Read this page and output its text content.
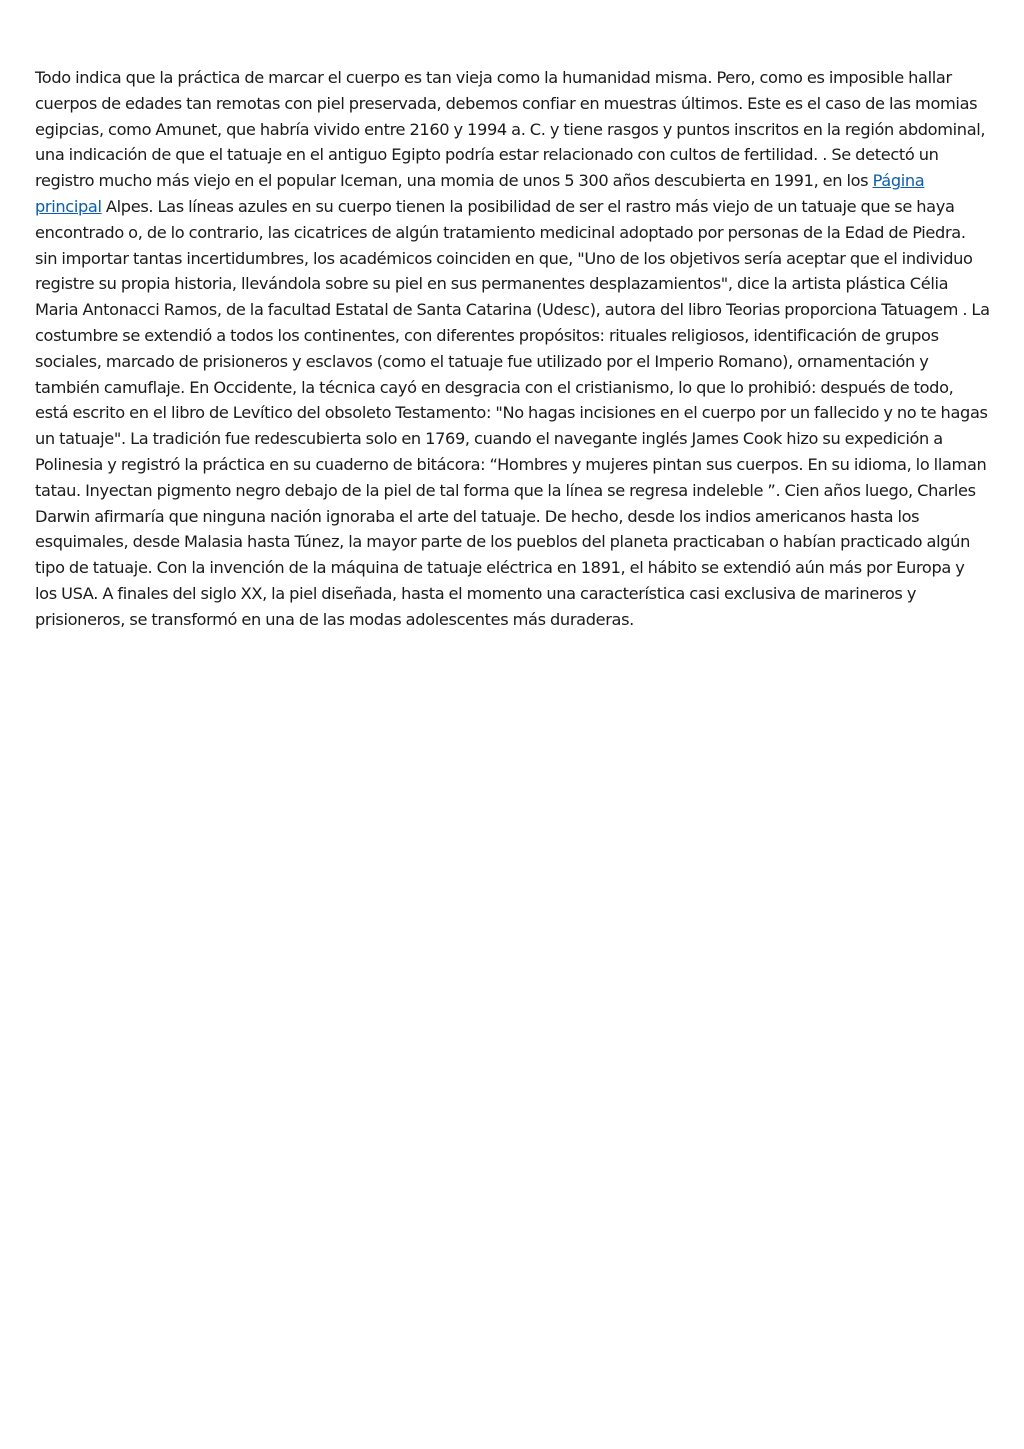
Todo indica que la práctica de marcar el cuerpo es tan vieja como la humanidad misma. Pero, como es imposible hallar cuerpos de edades tan remotas con piel preservada, debemos confiar en muestras últimos. Este es el caso de las momias egipcias, como Amunet, que habría vivido entre 2160 y 1994 a. C. y tiene rasgos y puntos inscritos en la región abdominal, una indicación de que el tatuaje en el antiguo Egipto podría estar relacionado con cultos de fertilidad. . Se detectó un registro mucho más viejo en el popular Iceman, una momia de unos 5 300 años descubierta en 1991, en los Página principal Alpes. Las líneas azules en su cuerpo tienen la posibilidad de ser el rastro más viejo de un tatuaje que se haya encontrado o, de lo contrario, las cicatrices de algún tratamiento medicinal adoptado por personas de la Edad de Piedra. sin importar tantas incertidumbres, los académicos coinciden en que, "Uno de los objetivos sería aceptar que el individuo registre su propia historia, llevándola sobre su piel en sus permanentes desplazamientos", dice la artista plástica Célia Maria Antonacci Ramos, de la facultad Estatal de Santa Catarina (Udesc), autora del libro Teorias proporciona Tatuagem . La costumbre se extendió a todos los continentes, con diferentes propósitos: rituales religiosos, identificación de grupos sociales, marcado de prisioneros y esclavos (como el tatuaje fue utilizado por el Imperio Romano), ornamentación y también camuflaje. En Occidente, la técnica cayó en desgracia con el cristianismo, lo que lo prohibió: después de todo, está escrito en el libro de Levítico del obsoleto Testamento: "No hagas incisiones en el cuerpo por un fallecido y no te hagas un tatuaje". La tradición fue redescubierta solo en 1769, cuando el navegante inglés James Cook hizo su expedición a Polinesia y registró la práctica en su cuaderno de bitácora: “Hombres y mujeres pintan sus cuerpos. En su idioma, lo llaman tatau. Inyectan pigmento negro debajo de la piel de tal forma que la línea se regresa indeleble ”. Cien años luego, Charles Darwin afirmaría que ninguna nación ignoraba el arte del tatuaje. De hecho, desde los indios americanos hasta los esquimales, desde Malasia hasta Túnez, la mayor parte de los pueblos del planeta practicaban o habían practicado algún tipo de tatuaje. Con la invención de la máquina de tatuaje eléctrica en 1891, el hábito se extendió aún más por Europa y los USA. A finales del siglo XX, la piel diseñada, hasta el momento una característica casi exclusiva de marineros y prisioneros, se transformó en una de las modas adolescentes más duraderas.
